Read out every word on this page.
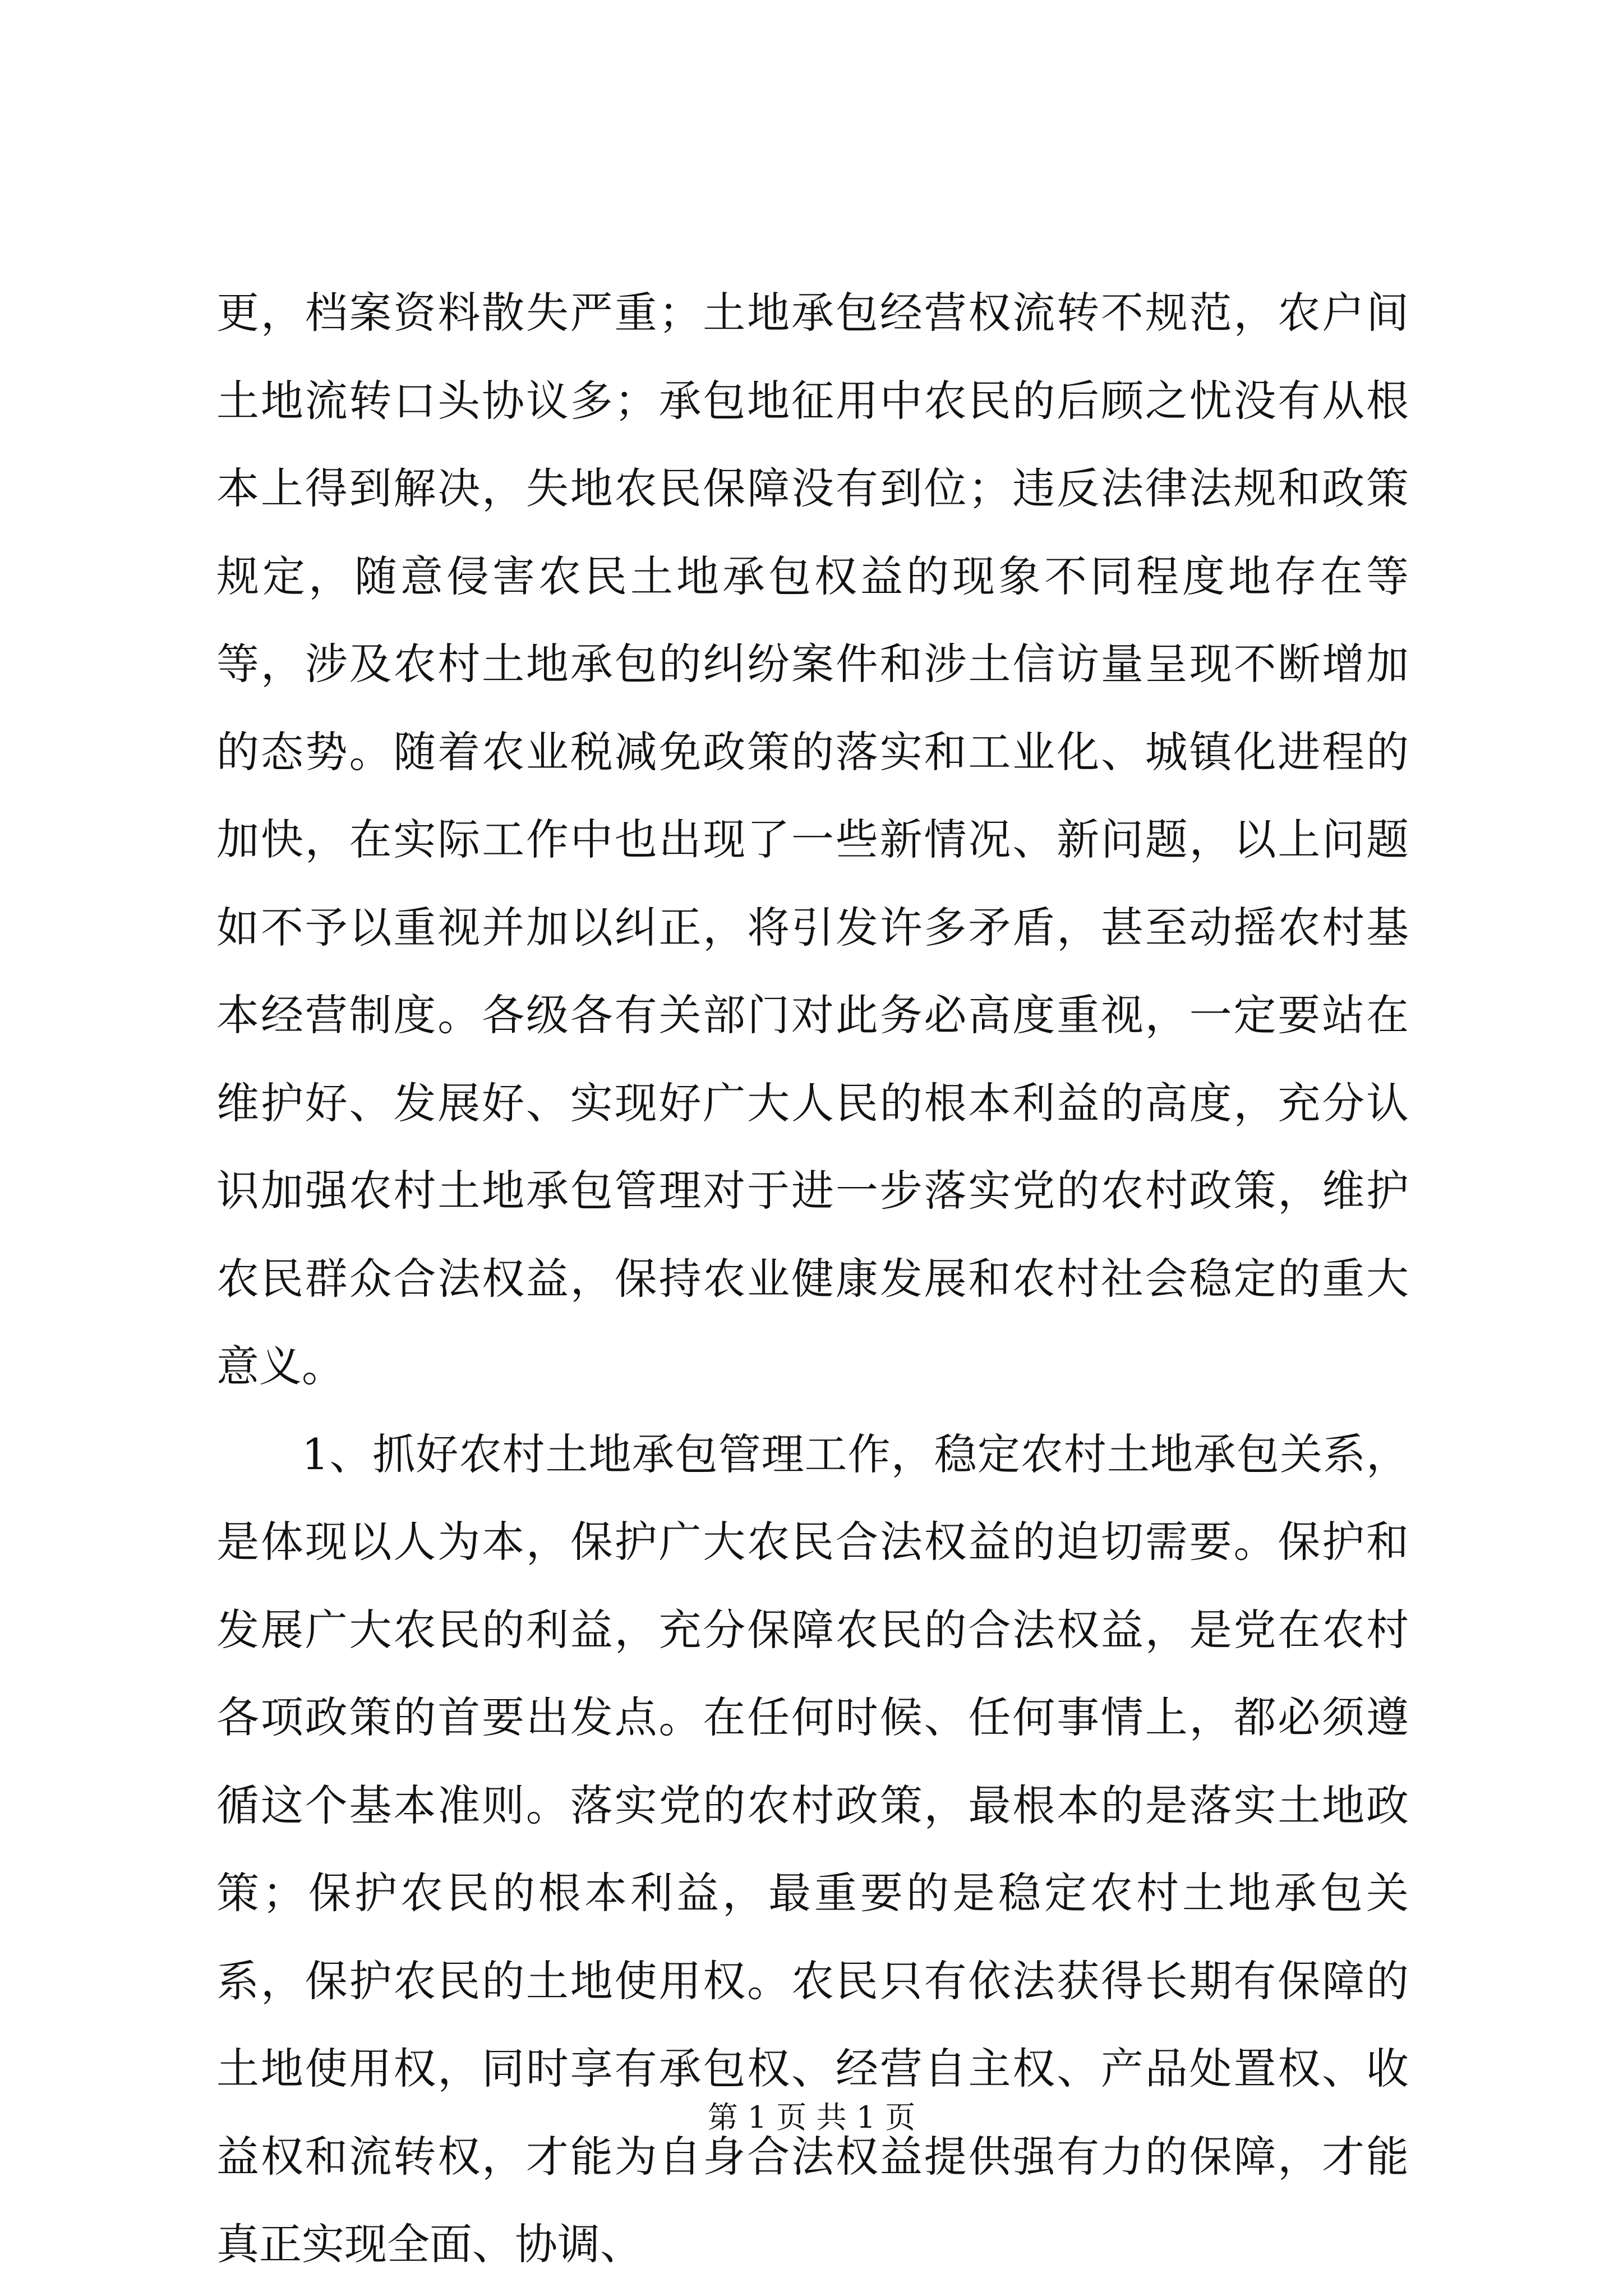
更，档案资料散失严重；土地承包经营权流转不规范，农户间土地流转口头协议多；承包地征用中农民的后顾之忧没有从根本上得到解决，失地农民保障没有到位；违反法律法规和政策规定，随意侵害农民土地承包权益的现象不同程度地存在等等，涉及农村土地承包的纠纷案件和涉土信访量呈现不断增加的态势。随着农业税减免政策的落实和工业化、城镇化进程的加快，在实际工作中也出现了一些新情况、新问题，以上问题如不予以重视并加以纠正，将引发许多矛盾，甚至动摇农村基本经营制度。各级各有关部门对此务必高度重视，一定要站在维护好、发展好、实现好广大人民的根本利益的高度，充分认识加强农村土地承包管理对于进一步落实党的农村政策，维护农民群众合法权益，保持农业健康发展和农村社会稳定的重大意义。

1、抓好农村土地承包管理工作，稳定农村土地承包关系，是体现以人为本，保护广大农民合法权益的迫切需要。保护和发展广大农民的利益，充分保障农民的合法权益，是党在农村各项政策的首要出发点。在任何时候、任何事情上，都必须遵循这个基本准则。落实党的农村政策，最根本的是落实土地政策；保护农民的根本利益，最重要的是稳定农村土地承包关系，保护农民的土地使用权。农民只有依法获得长期有保障的土地使用权，同时享有承包权、经营自主权、产品处置权、收益权和流转权，才能为自身合法权益提供强有力的保障，才能真正实现全面、协调、

第 1 页 共 1 页
